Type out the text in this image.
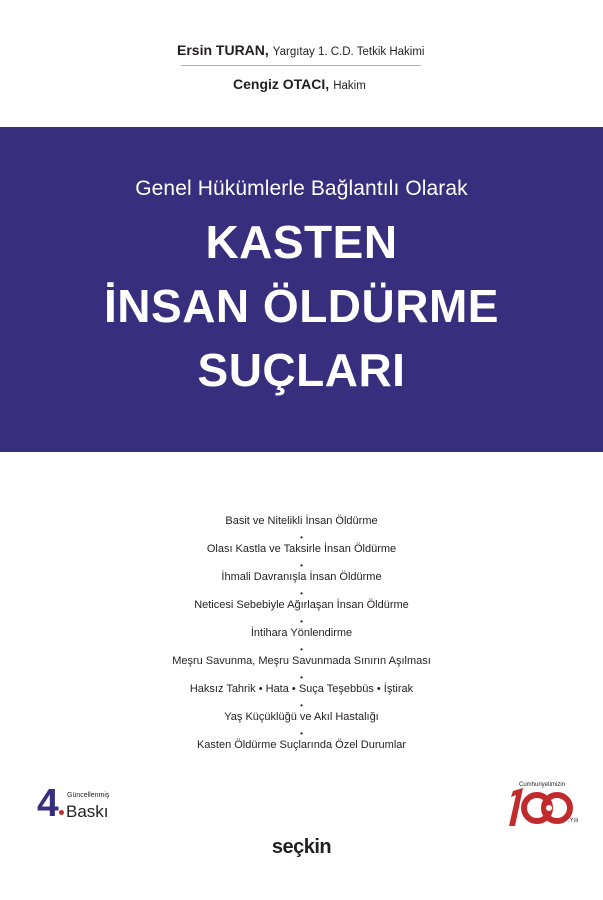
Ersin TURAN, Yargıtay 1. C.D. Tetkik Hakimi
Cengiz OTACI, Hakim
Genel Hükümlerle Bağlantılı Olarak
KASTEN
İNSAN ÖLDÜRME
SUÇLARI
Basit ve Nitelikli İnsan Öldürme
•
Olası Kastla ve Taksirle İnsan Öldürme
•
İhmali Davranışla İnsan Öldürme
•
Neticesi Sebebiyle Ağırlaşan İnsan Öldürme
•
İntihara Yönlendirme
•
Meşru Savunma, Meşru Savunmada Sınırın Aşılması
•
Haksız Tahrik • Hata • Suça Teşebbüs • İştirak
•
Yaş Küçüklüğü ve Akıl Hastalığı
•
Kasten Öldürme Suçlarında Özel Durumlar
4 Güncellenmiş
Baskı
Cumhuriyetimizin
.Yılı
seçkin
